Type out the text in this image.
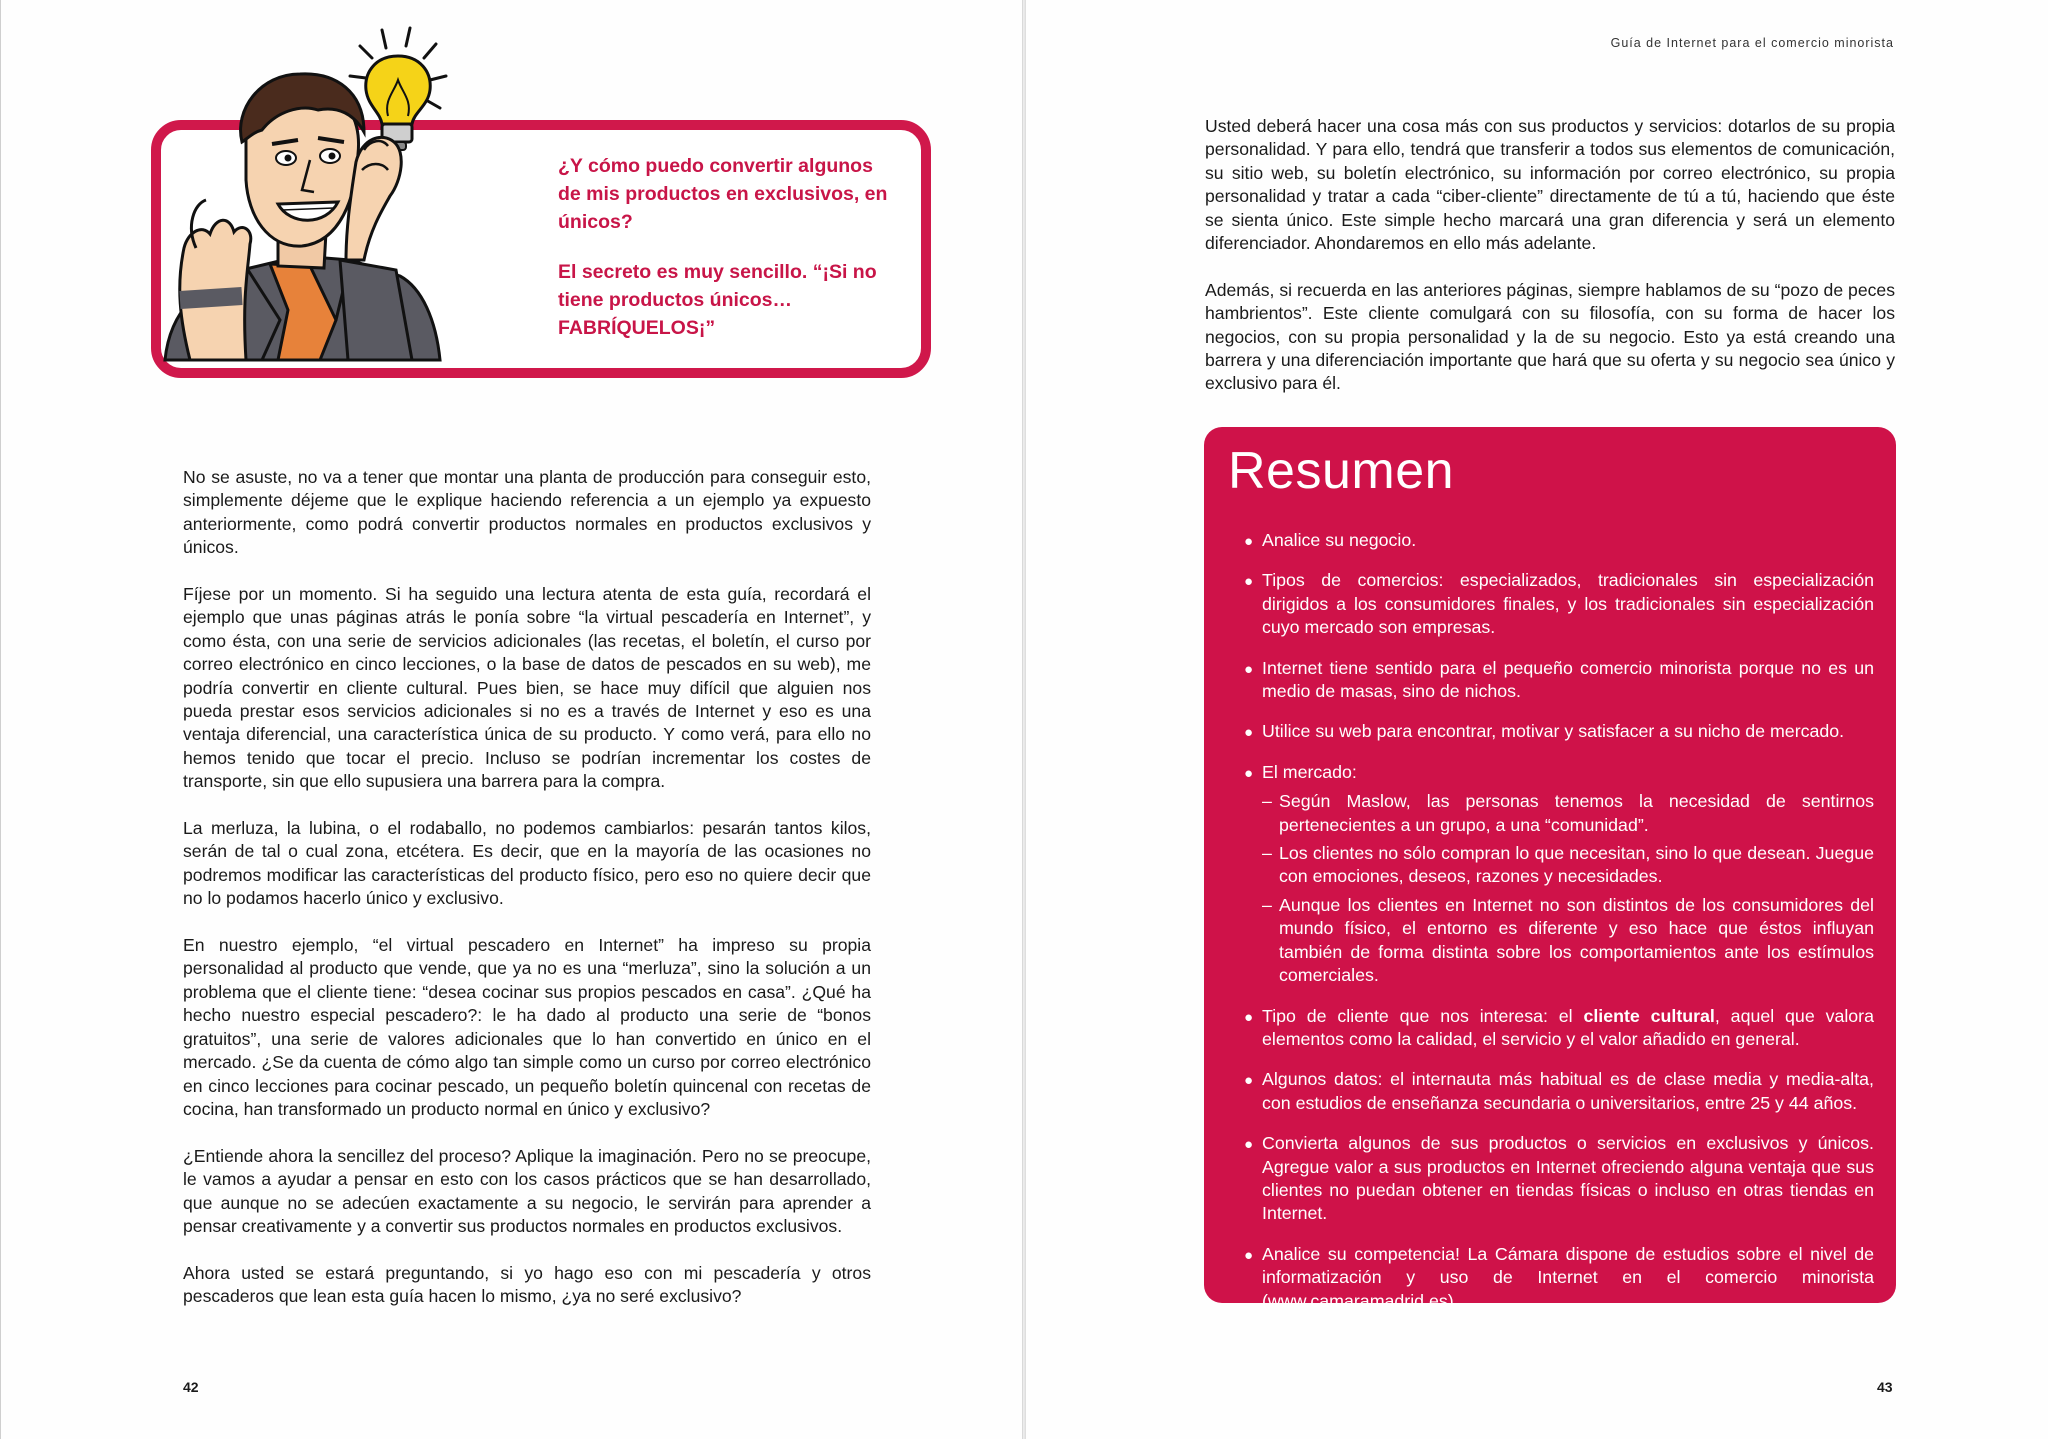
¿Y cómo puedo convertir algunos de mis productos en exclusivos, en únicos?

El secreto es muy sencillo. “¡Si no tiene productos únicos… FABRÍQUELOS¡”

No se asuste, no va a tener que montar una planta de producción para conseguir esto, simplemente déjeme que le explique haciendo referencia a un ejemplo ya expuesto anteriormente, como podrá convertir productos normales en productos exclusivos y únicos.

Fíjese por un momento. Si ha seguido una lectura atenta de esta guía, recordará el ejemplo que unas páginas atrás le ponía sobre “la virtual pescadería en Internet”, y como ésta, con una serie de servicios adicionales (las recetas, el boletín, el curso por correo electrónico en cinco lecciones, o la base de datos de pescados en su web), me podría convertir en cliente cultural. Pues bien, se hace muy difícil que alguien nos pueda prestar esos servicios adicionales si no es a través de Internet y eso es una ventaja diferencial, una característica única de su producto. Y como verá, para ello no hemos tenido que tocar el precio. Incluso se podrían incrementar los costes de transporte, sin que ello supusiera una barrera para la compra.

La merluza, la lubina, o el rodaballo, no podemos cambiarlos: pesarán tantos kilos, serán de tal o cual zona, etcétera. Es decir, que en la mayoría de las ocasiones no podremos modificar las características del producto físico, pero eso no quiere decir que no lo podamos hacerlo único y exclusivo.

En nuestro ejemplo, “el virtual pescadero en Internet” ha impreso su propia personalidad al producto que vende, que ya no es una “merluza”, sino la solución a un problema que el cliente tiene: “desea cocinar sus propios pescados en casa”. ¿Qué ha hecho nuestro especial pescadero?: le ha dado al producto una serie de “bonos gratuitos”, una serie de valores adicionales que lo han convertido en único en el mercado. ¿Se da cuenta de cómo algo tan simple como un curso por correo electrónico en cinco lecciones para cocinar pescado, un pequeño boletín quincenal con recetas de cocina, han transformado un producto normal en único y exclusivo?

¿Entiende ahora la sencillez del proceso? Aplique la imaginación. Pero no se preocupe, le vamos a ayudar a pensar en esto con los casos prácticos que se han desarrollado, que aunque no se adecúen exactamente a su negocio, le servirán para aprender a pensar creativamente y a convertir sus productos normales en productos exclusivos.

Ahora usted se estará preguntando, si yo hago eso con mi pescadería y otros pescaderos que lean esta guía hacen lo mismo, ¿ya no seré exclusivo?

42
Guía de Internet para el comercio minorista

Usted deberá hacer una cosa más con sus productos y servicios: dotarlos de su propia personalidad. Y para ello, tendrá que transferir a todos sus elementos de comunicación, su sitio web, su boletín electrónico, su información por correo electrónico, su propia personalidad y tratar a cada “ciber-cliente” directamente de tú a tú, haciendo que éste se sienta único. Este simple hecho marcará una gran diferencia y será un elemento diferenciador. Ahondaremos en ello más adelante.

Además, si recuerda en las anteriores páginas, siempre hablamos de su “pozo de peces hambrientos”. Este cliente comulgará con su filosofía, con su forma de hacer los negocios, con su propia personalidad y la de su negocio. Esto ya está creando una barrera y una diferenciación importante que hará que su oferta y su negocio sea único y exclusivo para él.

Resumen
● Analice su negocio.
● Tipos de comercios: especializados, tradicionales sin especialización dirigidos a los consumidores finales, y los tradicionales sin especialización cuyo mercado son empresas.
● Internet tiene sentido para el pequeño comercio minorista porque no es un medio de masas, sino de nichos.
● Utilice su web para encontrar, motivar y satisfacer a su nicho de mercado.
● El mercado:
– Según Maslow, las personas tenemos la necesidad de sentirnos pertenecientes a un grupo, a una “comunidad”.
– Los clientes no sólo compran lo que necesitan, sino lo que desean. Juegue con emociones, deseos, razones y necesidades.
– Aunque los clientes en Internet no son distintos de los consumidores del mundo físico, el entorno es diferente y eso hace que éstos influyan también de forma distinta sobre los comportamientos ante los estímulos comerciales.
● Tipo de cliente que nos interesa: el cliente cultural, aquel que valora elementos como la calidad, el servicio y el valor añadido en general.
● Algunos datos: el internauta más habitual es de clase media y media-alta, con estudios de enseñanza secundaria o universitarios, entre 25 y 44 años.
● Convierta algunos de sus productos o servicios en exclusivos y únicos. Agregue valor a sus productos en Internet ofreciendo alguna ventaja que sus clientes no puedan obtener en tiendas físicas o incluso en otras tiendas en Internet.
● Analice su competencia! La Cámara dispone de estudios sobre el nivel de informatización y uso de Internet en el comercio minorista (www.camaramadrid.es)
43
